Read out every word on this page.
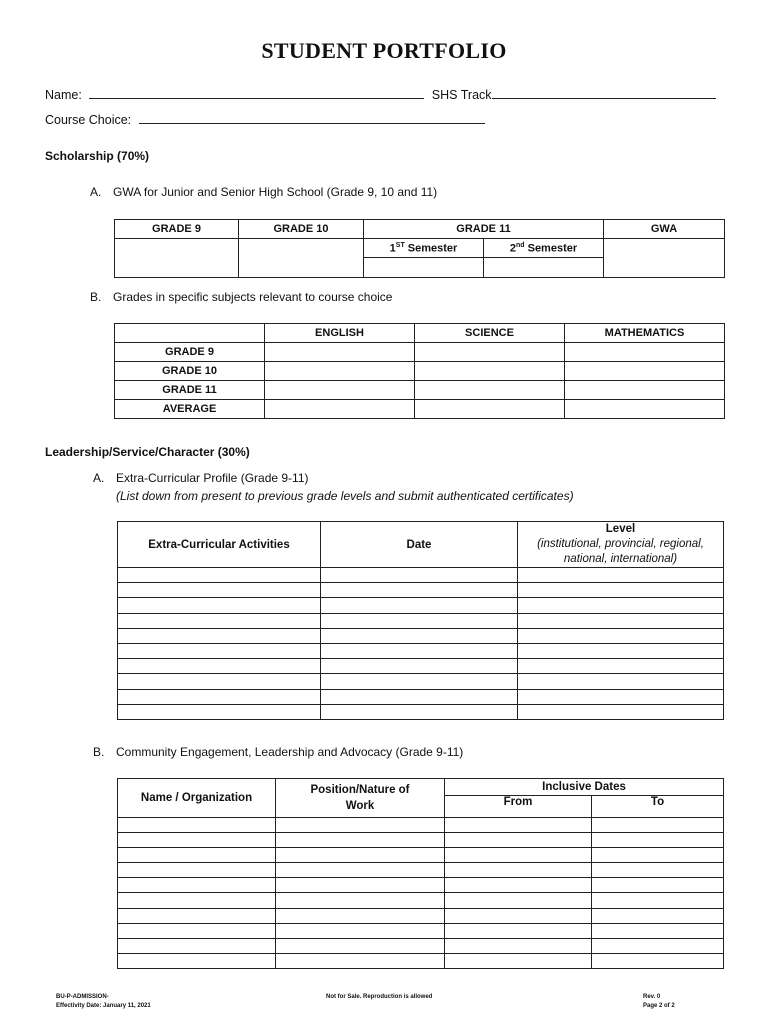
STUDENT PORTFOLIO
Name:	SHS Track
Course Choice:
Scholarship (70%)
A. GWA for Junior and Senior High School (Grade 9, 10 and 11)
GRADE 9	GRADE 10	GRADE 11		GWA
		1ST Semester	2nd Semester	

B. Grades in specific subjects relevant to course choice
	ENGLISH	SCIENCE	MATHEMATICS
GRADE 9			
GRADE 10			
GRADE 11			
AVERAGE			
Leadership/Service/Character (30%)
A. Extra-Curricular Profile (Grade 9-11)
(List down from present to previous grade levels and submit authenticated certificates)
Extra-Curricular Activities	Date	Level
(institutional, provincial, regional, national, international)

B. Community Engagement, Leadership and Advocacy (Grade 9-11)
Name / Organization	Position/Nature of Work	Inclusive Dates	
		From	To

BU-P-ADMISSION-
Effectivity Date: January 11, 2021
Not for Sale. Reproduction is allowed	Rev. 0
Page 2 of 2
